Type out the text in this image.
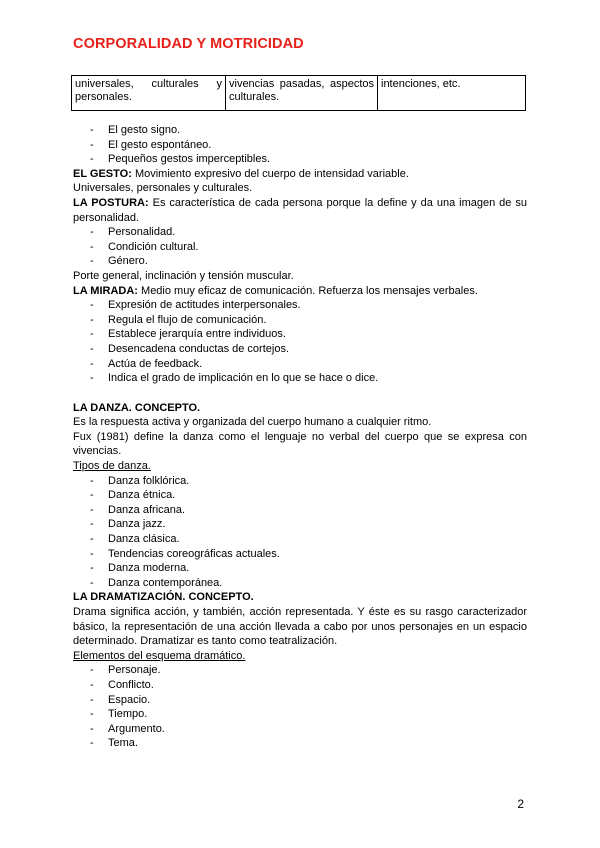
CORPORALIDAD Y MOTRICIDAD
universales, culturales y personales.	vivencias pasadas, aspectos culturales.	intenciones, etc.
- El gesto signo.
- El gesto espontáneo.
- Pequeños gestos imperceptibles.

EL GESTO: Movimiento expresivo del cuerpo de intensidad variable.

Universales, personales y culturales.

LA POSTURA: Es característica de cada persona porque la define y da una imagen de su personalidad.

- Personalidad.
- Condición cultural.
- Género.

Porte general, inclinación y tensión muscular.

LA MIRADA: Medio muy eficaz de comunicación. Refuerza los mensajes verbales.

- Expresión de actitudes interpersonales.
- Regula el flujo de comunicación.
- Establece jerarquía entre individuos.
- Desencadena conductas de cortejos.
- Actúa de feedback.
- Indica el grado de implicación en lo que se hace o dice.

LA DANZA. CONCEPTO.

Es la respuesta activa y organizada del cuerpo humano a cualquier ritmo.

Fux (1981) define la danza como el lenguaje no verbal del cuerpo que se expresa con vivencias.

Tipos de danza.

- Danza folklórica.
- Danza étnica.
- Danza africana.
- Danza jazz.
- Danza clásica.
- Tendencias coreográficas actuales.
- Danza moderna.
- Danza contemporánea.

LA DRAMATIZACIÓN. CONCEPTO.

Drama significa acción, y también, acción representada. Y éste es su rasgo caracterizador básico, la representación de una acción llevada a cabo por unos personajes en un espacio determinado. Dramatizar es tanto como teatralización.

Elementos del esquema dramático.

- Personaje.
- Conflicto.
- Espacio.
- Tiempo.
- Argumento.
- Tema.
2
